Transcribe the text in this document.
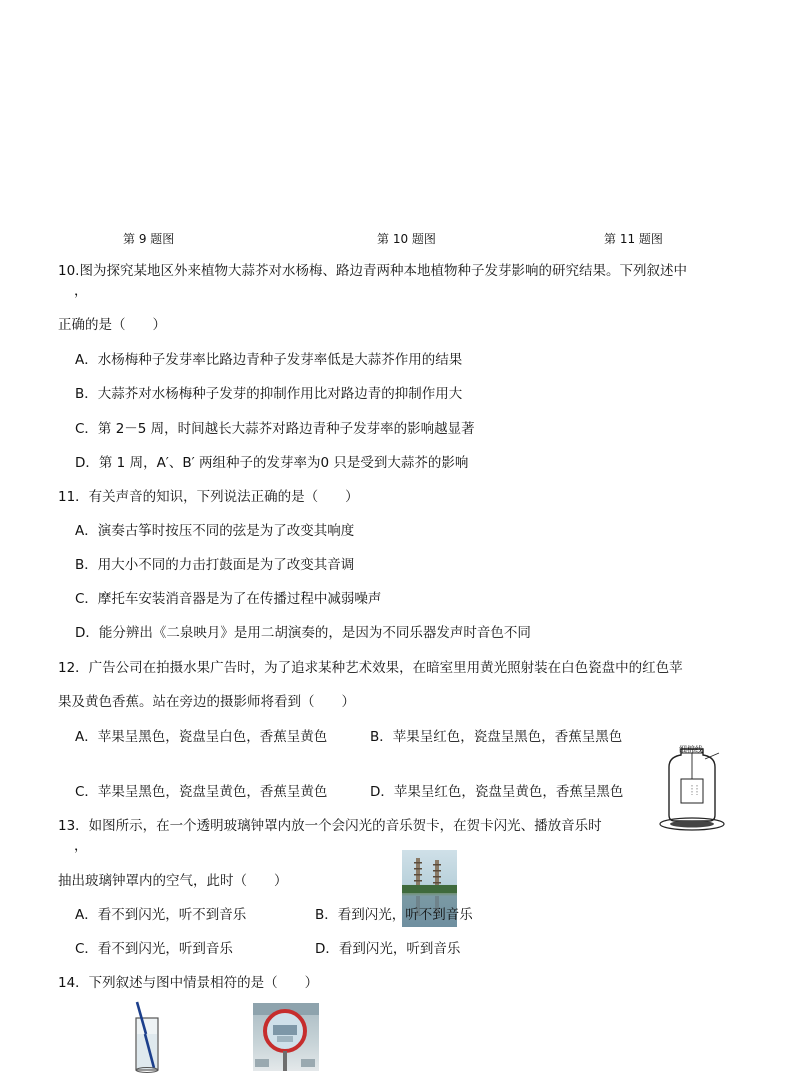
第 9 题图	第 10 题图	第 11 题图
10.图为探究某地区外来植物大蒜芥对水杨梅、路边青两种本地植物种子发芽影响的研究结果。下列叙述中
，
正确的是（　　）
A．水杨梅种子发芽率比路边青种子发芽率低是大蒜芥作用的结果
B．大蒜芥对水杨梅种子发芽的抑制作用比对路边青的抑制作用大
C．第 2－5 周，时间越长大蒜芥对路边青种子发芽率的影响越显著
D．第 1 周，A′、B′ 两组种子的发芽率为0 只是受到大蒜芥的影响
11．有关声音的知识，下列说法正确的是（　　）
A．演奏古筝时按压不同的弦是为了改变其响度
B．用大小不同的力击打鼓面是为了改变其音调
C．摩托车安装消音器是为了在传播过程中减弱噪声
D．能分辨出《二泉映月》是用二胡演奏的，是因为不同乐器发声时音色不同
12．广告公司在拍摄水果广告时，为了追求某种艺术效果，在暗室里用黄光照射装在白色瓷盘中的红色苹
果及黄色香蕉。站在旁边的摄影师将看到（　　）
A．苹果呈黑色，瓷盘呈白色，香蕉呈黄色	B．苹果呈红色，瓷盘呈黑色，香蕉呈黑色
C．苹果呈黑色，瓷盘呈黄色，香蕉呈黄色	D．苹果呈红色，瓷盘呈黄色，香蕉呈黑色
细棉线
13．如图所示，在一个透明玻璃钟罩内放一个会闪光的音乐贺卡，在贺卡闪光、播放音乐时
，
抽出玻璃钟罩内的空气，此时（　　）
A．看不到闪光，听不到音乐	B．看到闪光，听不到音乐
C．看不到闪光，听到音乐	D．看到闪光，听到音乐
14．下列叙述与图中情景相符的是（　　）
